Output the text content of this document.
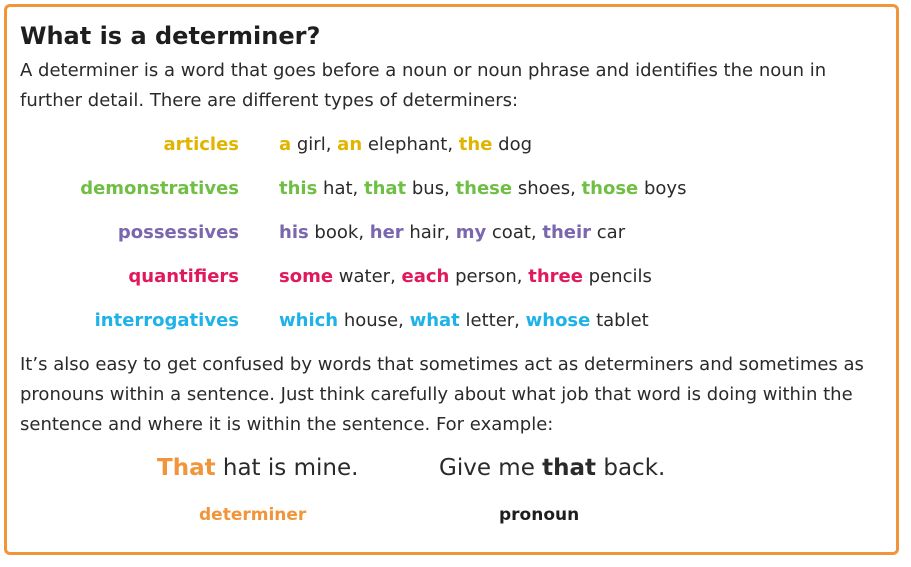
What is a determiner?
A determiner is a word that goes before a noun or noun phrase and identifies the noun in further detail. There are different types of determiners:
articles a girl, an elephant, the dog
demonstratives this hat, that bus, these shoes, those boys
possessives his book, her hair, my coat, their car
quantifiers some water, each person, three pencils
interrogatives which house, what letter, whose tablet
It’s also easy to get confused by words that sometimes act as determiners and sometimes as pronouns within a sentence. Just think carefully about what job that word is doing within the sentence and where it is within the sentence. For example:
That hat is mine.	Give me that back.
determiner	pronoun
